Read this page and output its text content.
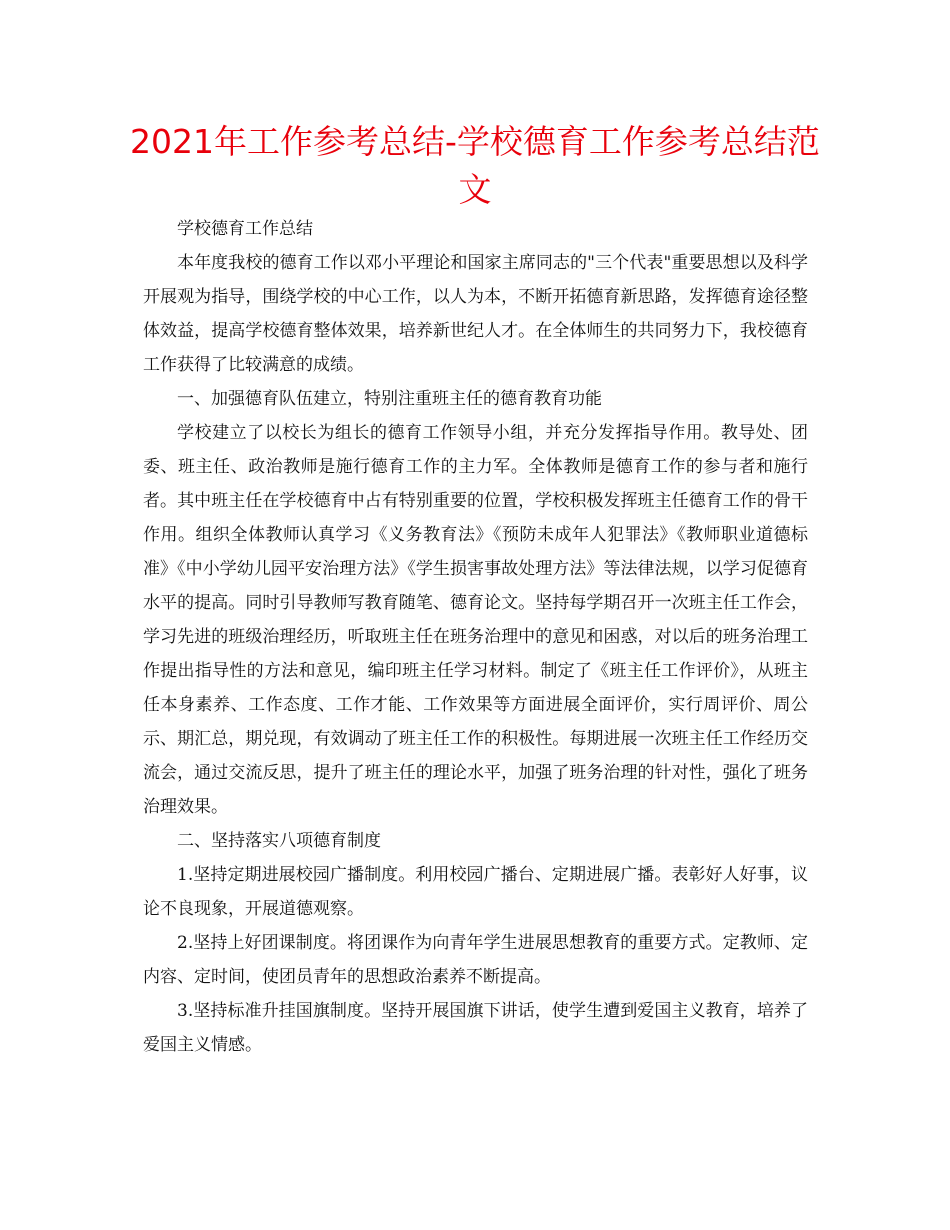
2021年工作参考总结-学校德育工作参考总结范文

学校德育工作总结

本年度我校的德育工作以邓小平理论和国家主席同志的"三个代表"重要思想以及科学开展观为指导，围绕学校的中心工作，以人为本，不断开拓德育新思路，发挥德育途径整体效益，提高学校德育整体效果，培养新世纪人才。在全体师生的共同努力下，我校德育工作获得了比较满意的成绩。

一、加强德育队伍建立，特别注重班主任的德育教育功能

学校建立了以校长为组长的德育工作领导小组，并充分发挥指导作用。教导处、团委、班主任、政治教师是施行德育工作的主力军。全体教师是德育工作的参与者和施行者。其中班主任在学校德育中占有特别重要的位置，学校积极发挥班主任德育工作的骨干作用。组织全体教师认真学习《义务教育法》《预防未成年人犯罪法》《教师职业道德标准》《中小学幼儿园平安治理方法》《学生损害事故处理方法》等法律法规，以学习促德育水平的提高。同时引导教师写教育随笔、德育论文。坚持每学期召开一次班主任工作会，学习先进的班级治理经历，听取班主任在班务治理中的意见和困惑，对以后的班务治理工作提出指导性的方法和意见，编印班主任学习材料。制定了《班主任工作评价》，从班主任本身素养、工作态度、工作才能、工作效果等方面进展全面评价，实行周评价、周公示、期汇总，期兑现，有效调动了班主任工作的积极性。每期进展一次班主任工作经历交流会，通过交流反思，提升了班主任的理论水平，加强了班务治理的针对性，强化了班务治理效果。

二、坚持落实八项德育制度

1.坚持定期进展校园广播制度。利用校园广播台、定期进展广播。表彰好人好事，议论不良现象，开展道德观察。

2.坚持上好团课制度。将团课作为向青年学生进展思想教育的重要方式。定教师、定内容、定时间，使团员青年的思想政治素养不断提高。

3.坚持标准升挂国旗制度。坚持开展国旗下讲话，使学生遭到爱国主义教育，培养了爱国主义情感。
